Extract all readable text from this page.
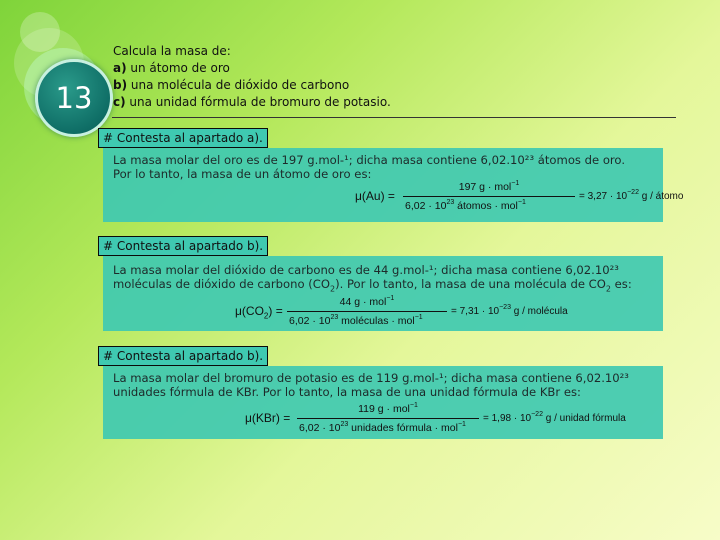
13
Calcula la masa de:
a) un átomo de oro
b) una molécula de dióxido de carbono
c) una unidad fórmula de bromuro de potasio.
# Contesta al apartado a).
La masa molar del oro es de 197 g.mol-¹; dicha masa contiene 6,02.10²³ átomos de oro.
Por lo tanto, la masa de un átomo de oro es:
μ(Au) =
197 g · mol$^{-1}$
$6,02 \cdot 10^{23}$ átomos · mol$^{-1}$
= $3,27 \cdot 10^{-22}$ g / átomo
# Contesta al apartado b).
La masa molar del dióxido de carbono es de 44 g.mol-¹; dicha masa contiene 6,02.10²³
moléculas de dióxido de carbono $(CO_2)$. Por lo tanto, la masa de una molécula de $CO_2$ es:
$\mu(CO_2)$ =
44 g · mol$^{-1}$
$6,02 \cdot 10^{23}$ moléculas · mol$^{-1}$
= $7,31 \cdot 10^{-23}$ g / molécula
# Contesta al apartado b).
La masa molar del bromuro de potasio es de 119 g.mol-¹; dicha masa contiene 6,02.10²³
unidades fórmula de KBr. Por lo tanto, la masa de una unidad fórmula de KBr es:
μ(KBr) =
119 g · mol$^{-1}$
$6,02 \cdot 10^{23}$ unidades fórmula · mol$^{-1}$
= $1,98 \cdot 10^{-22}$ g / unidad fórmula
